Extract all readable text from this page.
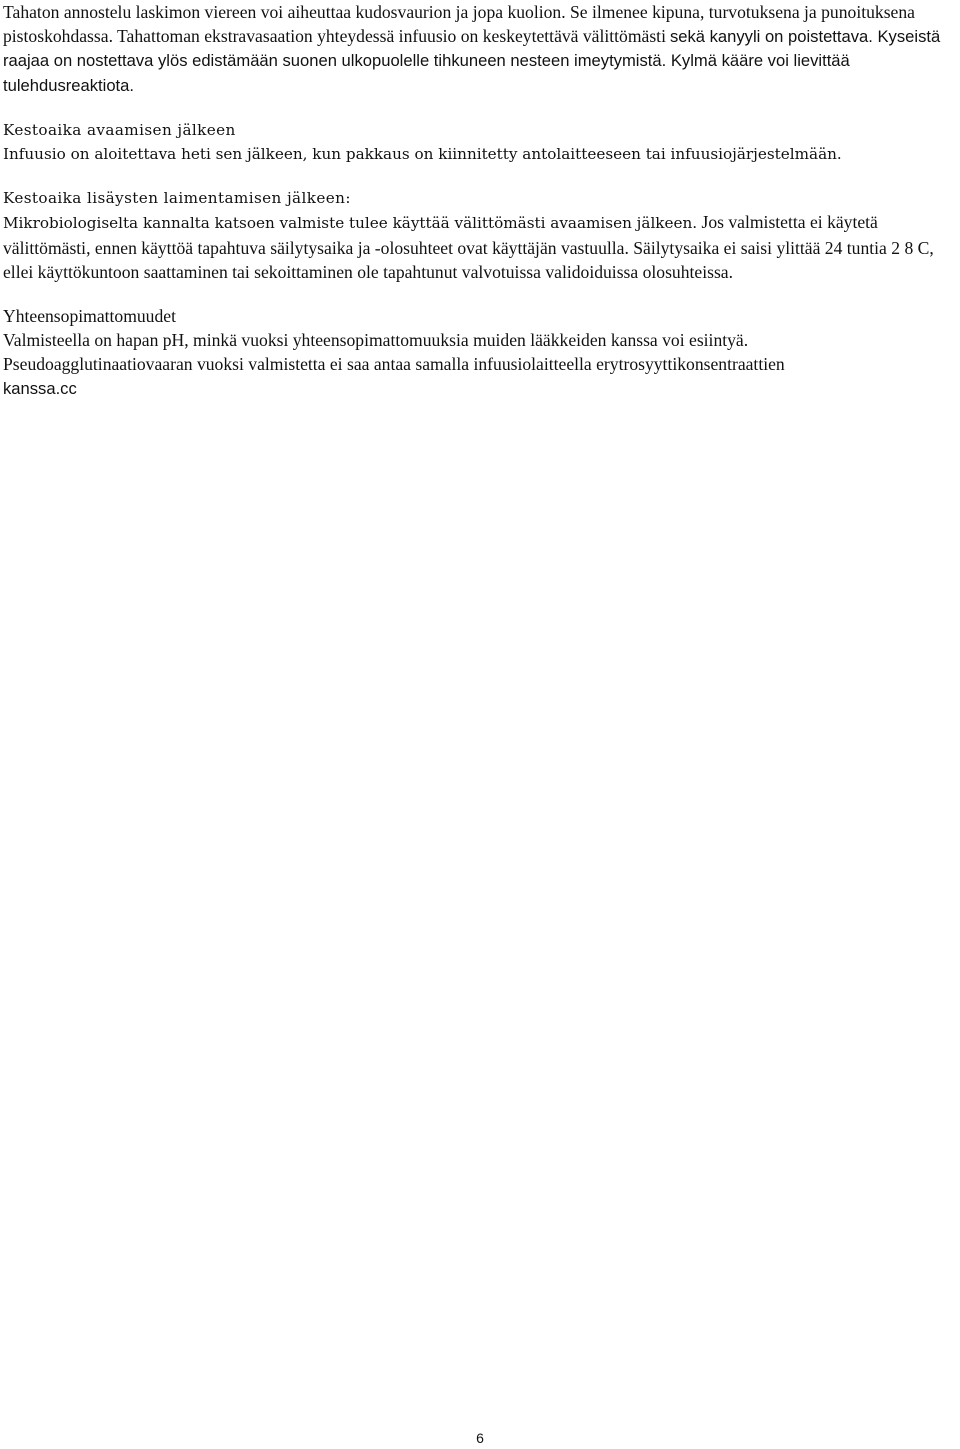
Tahaton annostelu laskimon viereen voi aiheuttaa kudosvaurion ja jopa kuolion. Se ilmenee kipuna, turvotuksena ja punoituksena pistoskohdassa. Tahattoman ekstravasaation yhteydessä infuusio on keskeytettävä välittömästi sekä kanyyli on poistettava. Kyseistä raajaa on nostettava ylös edistämään suonen ulkopuolelle tihkuneen nesteen imeytymistä. Kylmä kääre voi lievittää tulehdusreaktiota.

Kestoaika avaamisen jälkeen
Infuusio on aloitettava heti sen jälkeen, kun pakkaus on kiinnitetty antolaitteeseen tai infuusiojärjestelmään.

Kestoaika lisäysten laimentamisen jälkeen:
Mikrobiologiselta kannalta katsoen valmiste tulee käyttää välittömästi avaamisen jälkeen. Jos valmistetta ei käytetä välittömästi, ennen käyttöä tapahtuva säilytysaika ja -olosuhteet ovat käyttäjän vastuulla. Säilytysaika ei saisi ylittää 24 tuntia 2 8 C, ellei käyttökuntoon saattaminen tai sekoittaminen ole tapahtunut valvotuissa validoiduissa olosuhteissa.

Yhteensopimattomuudet
Valmisteella on hapan pH, minkä vuoksi yhteensopimattomuuksia muiden lääkkeiden kanssa voi esiintyä.
Pseudoagglutinaatiovaaran vuoksi valmistetta ei saa antaa samalla infuusiolaitteella erytrosyyttikonsentraattien
kanssa.cc

6
